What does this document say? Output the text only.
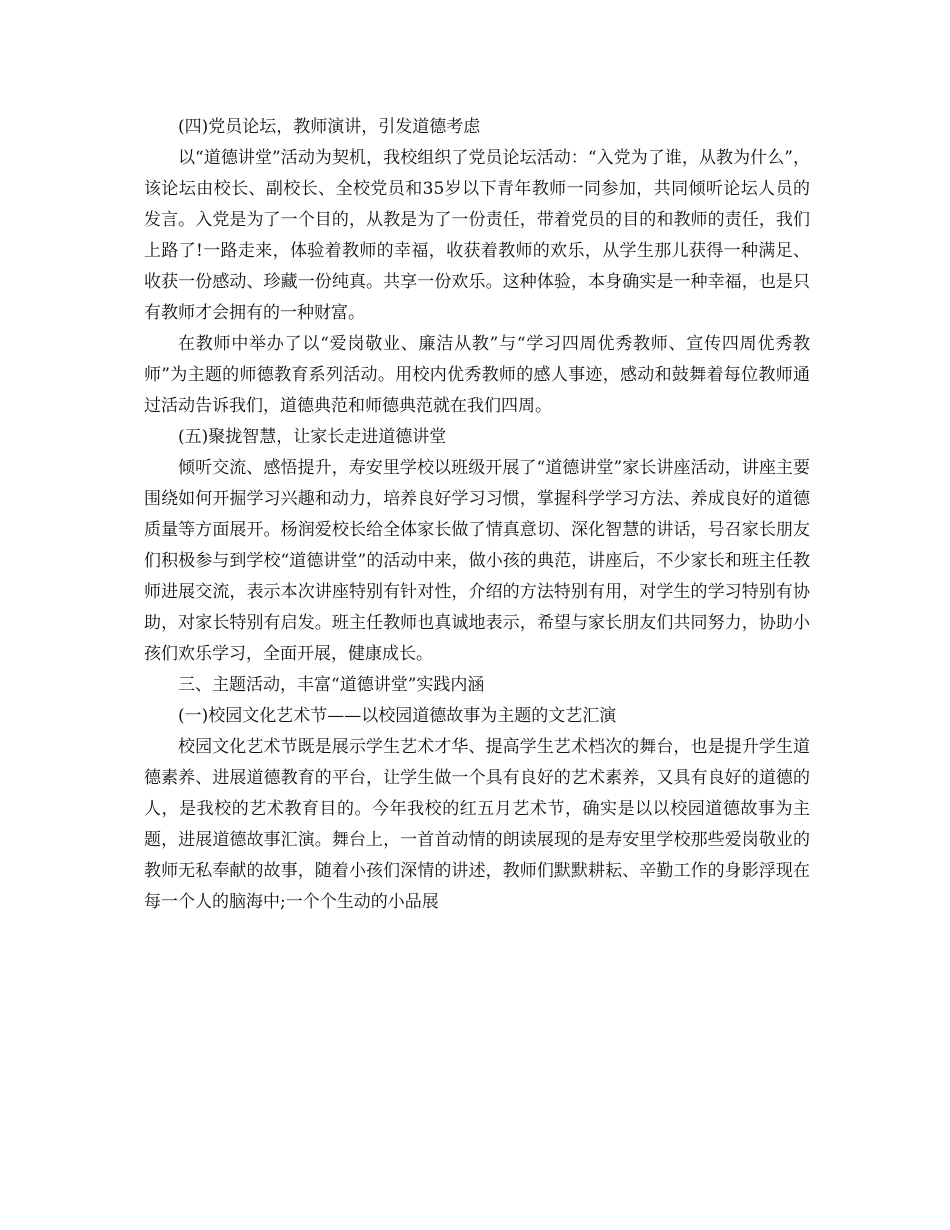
(四)党员论坛，教师演讲，引发道德考虑

以“道德讲堂”活动为契机，我校组织了党员论坛活动：“入党为了谁，从教为什么”，该论坛由校长、副校长、全校党员和35岁以下青年教师一同参加，共同倾听论坛人员的发言。入党是为了一个目的，从教是为了一份责任，带着党员的目的和教师的责任，我们上路了!一路走来，体验着教师的幸福，收获着教师的欢乐，从学生那儿获得一种满足、收获一份感动、珍藏一份纯真。共享一份欢乐。这种体验，本身确实是一种幸福，也是只有教师才会拥有的一种财富。

在教师中举办了以“爱岗敬业、廉洁从教”与“学习四周优秀教师、宣传四周优秀教师”为主题的师德教育系列活动。用校内优秀教师的感人事迹，感动和鼓舞着每位教师通过活动告诉我们，道德典范和师德典范就在我们四周。

(五)聚拢智慧，让家长走进道德讲堂

倾听交流、感悟提升，寿安里学校以班级开展了“道德讲堂”家长讲座活动，讲座主要围绕如何开掘学习兴趣和动力，培养良好学习习惯，掌握科学学习方法、养成良好的道德质量等方面展开。杨润爱校长给全体家长做了情真意切、深化智慧的讲话，号召家长朋友们积极参与到学校“道德讲堂”的活动中来，做小孩的典范，讲座后，不少家长和班主任教师进展交流，表示本次讲座特别有针对性，介绍的方法特别有用，对学生的学习特别有协助，对家长特别有启发。班主任教师也真诚地表示，希望与家长朋友们共同努力，协助小孩们欢乐学习，全面开展，健康成长。

三、主题活动，丰富“道德讲堂”实践内涵

(一)校园文化艺术节——以校园道德故事为主题的文艺汇演

校园文化艺术节既是展示学生艺术才华、提高学生艺术档次的舞台，也是提升学生道德素养、进展道德教育的平台，让学生做一个具有良好的艺术素养，又具有良好的道德的人，是我校的艺术教育目的。今年我校的红五月艺术节，确实是以以校园道德故事为主题，进展道德故事汇演。舞台上，一首首动情的朗读展现的是寿安里学校那些爱岗敬业的教师无私奉献的故事，随着小孩们深情的讲述，教师们默默耕耘、辛勤工作的身影浮现在每一个人的脑海中;一个个生动的小品展
